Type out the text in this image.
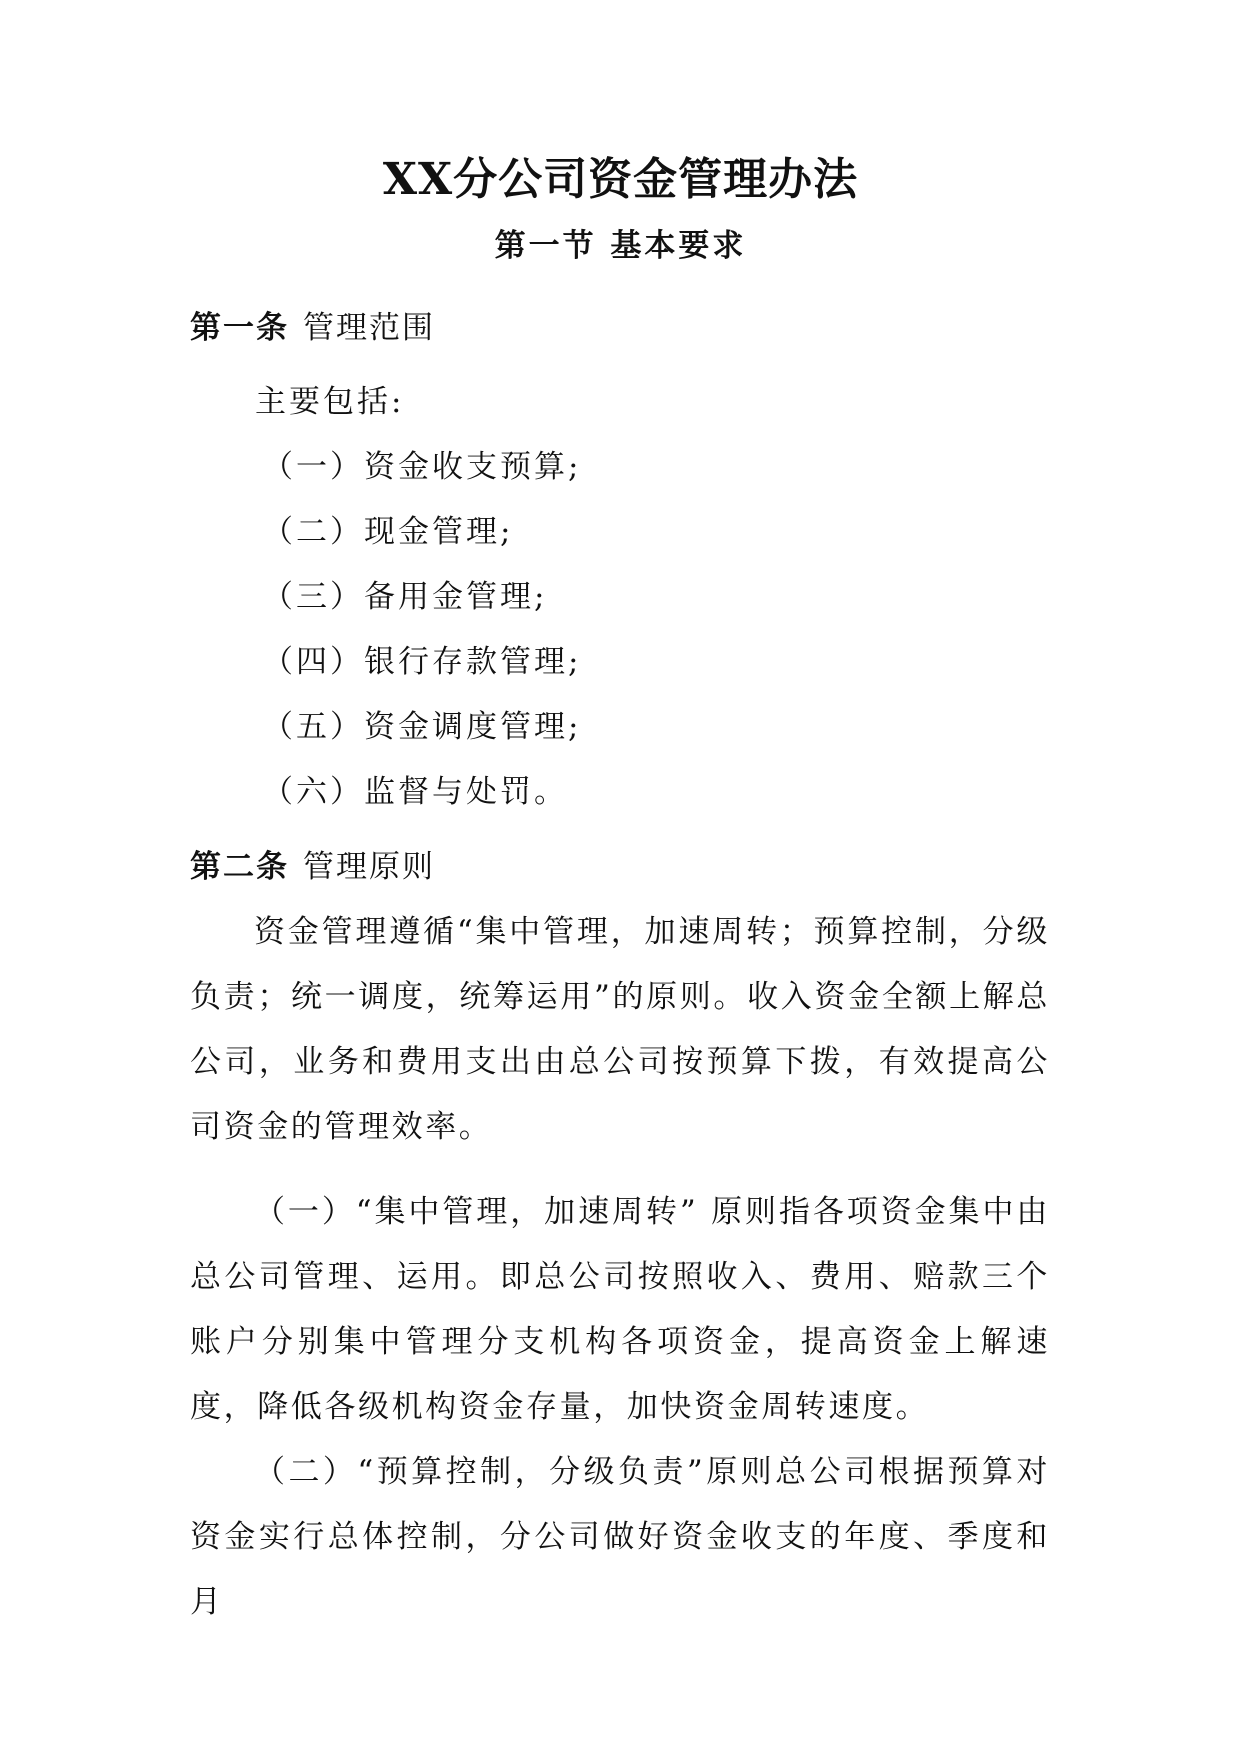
XX分公司资金管理办法
第一节 基本要求
第一条 管理范围
主要包括:
（一）资金收支预算;
（二）现金管理;
（三）备用金管理;
（四）银行存款管理;
（五）资金调度管理;
（六）监督与处罚。
第二条 管理原则
资金管理遵循“集中管理，加速周转；预算控制，分级负责；统一调度，统筹运用”的原则。收入资金全额上解总公司，业务和费用支出由总公司按预算下拨，有效提高公司资金的管理效率。
（一）“集中管理，加速周转” 原则指各项资金集中由总公司管理、运用。即总公司按照收入、费用、赔款三个账户分别集中管理分支机构各项资金，提高资金上解速度，降低各级机构资金存量，加快资金周转速度。
（二）“预算控制，分级负责”原则总公司根据预算对资金实行总体控制，分公司做好资金收支的年度、季度和月
